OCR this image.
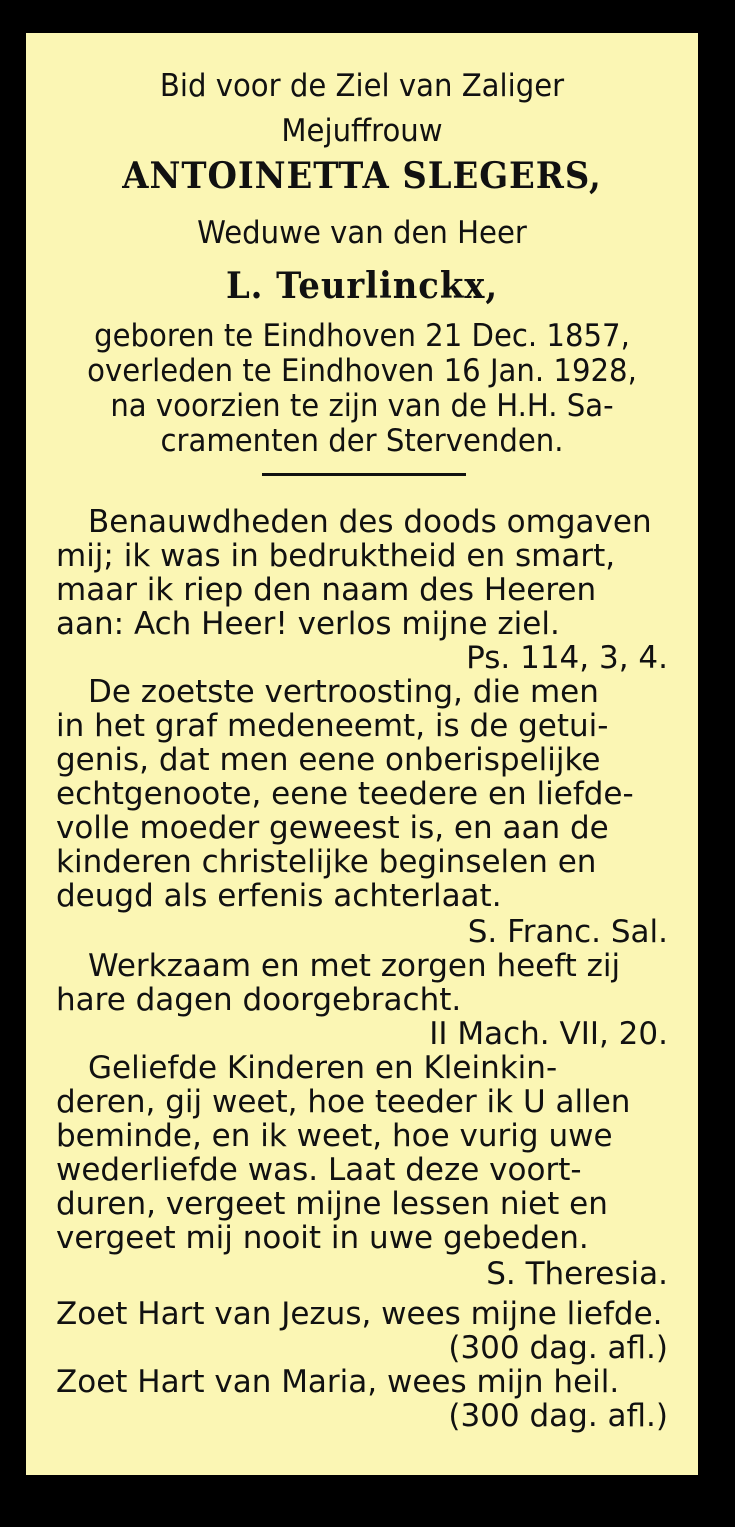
Bid voor de Ziel van Zaliger
Mejuffrouw
ANTOINETTA SLEGERS,
Weduwe van den Heer
L. Teurlinckx,
geboren te Eindhoven 21 Dec. 1857,
overleden te Eindhoven 16 Jan. 1928,
na voorzien te zijn van de H.H. Sa-
cramenten der Stervenden.
Benauwdheden des doods omgaven
mij; ik was in bedruktheid en smart,
maar ik riep den naam des Heeren
aan: Ach Heer! verlos mijne ziel.
Ps. 114, 3, 4.
De zoetste vertroosting, die men
in het graf medeneemt, is de getui-
genis, dat men eene onberispelijke
echtgenoote, eene teedere en liefde-
volle moeder geweest is, en aan de
kinderen christelijke beginselen en
deugd als erfenis achterlaat.
S. Franc. Sal.
Werkzaam en met zorgen heeft zij
hare dagen doorgebracht.
II Mach. VII, 20.
Geliefde Kinderen en Kleinkin-
deren, gij weet, hoe teeder ik U allen
beminde, en ik weet, hoe vurig uwe
wederliefde was. Laat deze voort-
duren, vergeet mijne lessen niet en
vergeet mij nooit in uwe gebeden.
S. Theresia.
Zoet Hart van Jezus, wees mijne liefde.
(300 dag. afl.)
Zoet Hart van Maria, wees mijn heil.
(300 dag. afl.)
